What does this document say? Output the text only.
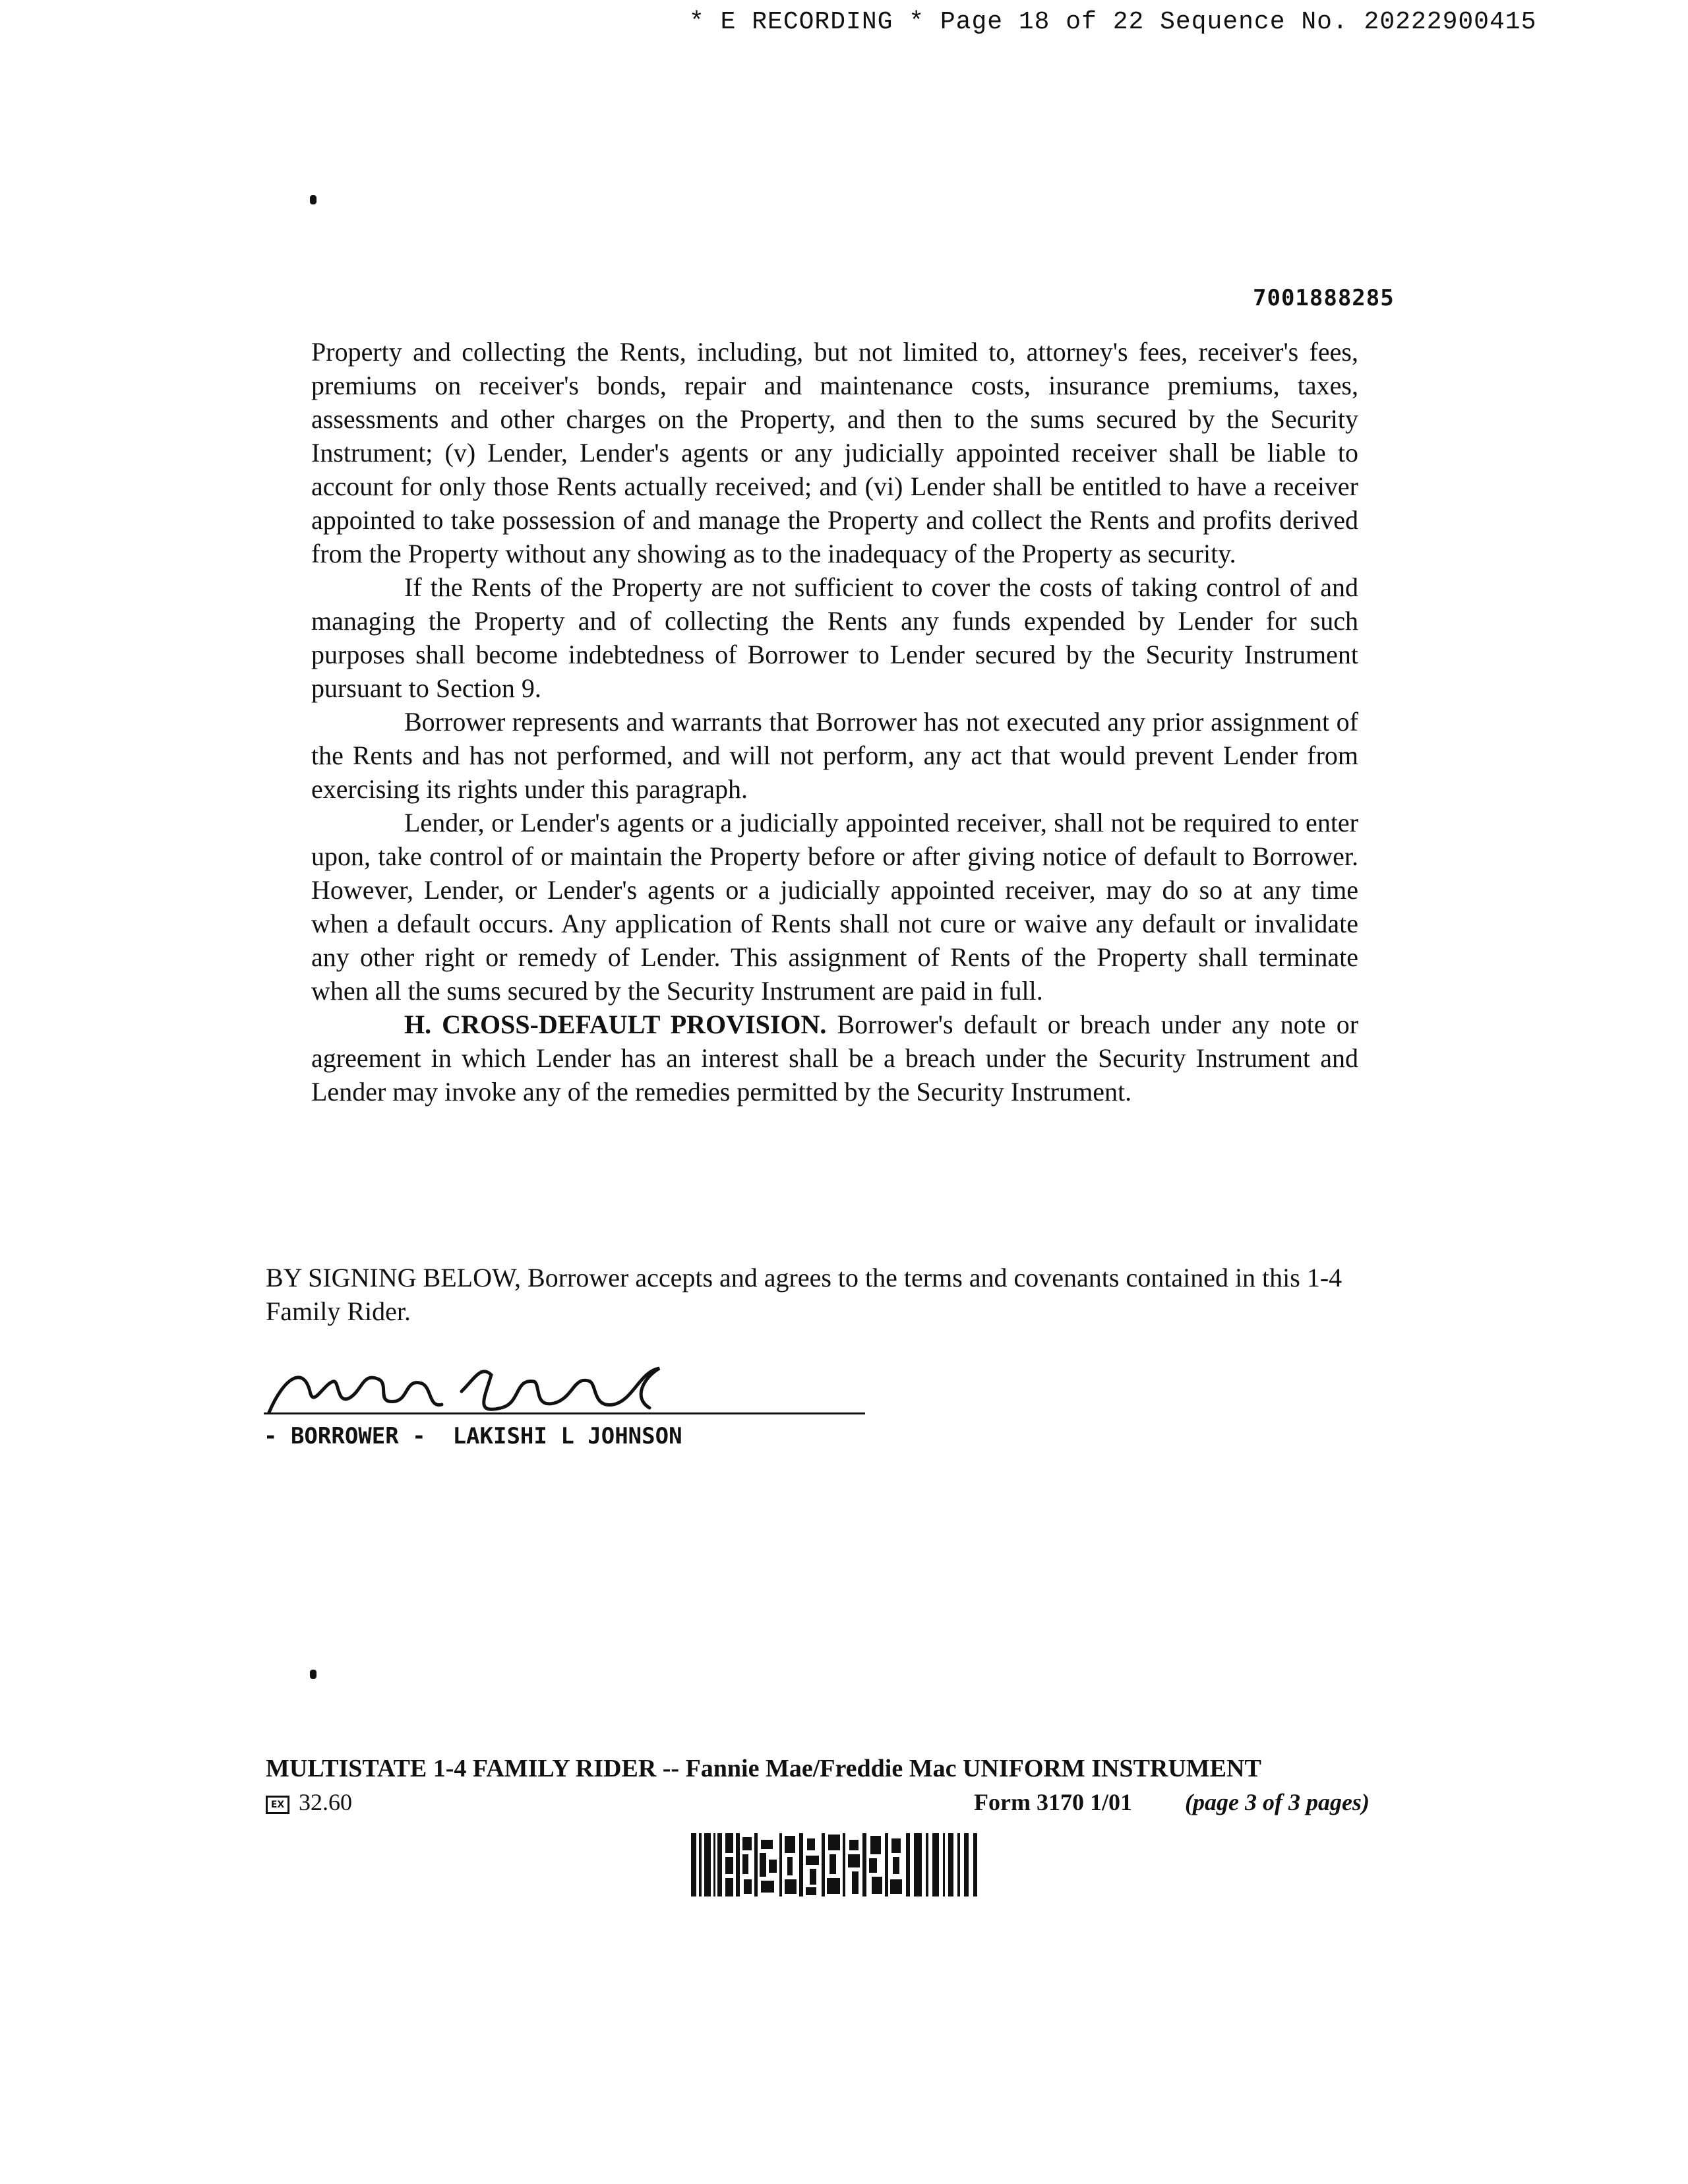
* E RECORDING * Page 18 of 22 Sequence No. 20222900415
7001888285

Property and collecting the Rents, including, but not limited to, attorney's fees, receiver's fees, premiums on receiver's bonds, repair and maintenance costs, insurance premiums, taxes, assessments and other charges on the Property, and then to the sums secured by the Security Instrument; (v) Lender, Lender's agents or any judicially appointed receiver shall be liable to account for only those Rents actually received; and (vi) Lender shall be entitled to have a receiver appointed to take possession of and manage the Property and collect the Rents and profits derived from the Property without any showing as to the inadequacy of the Property as security.

If the Rents of the Property are not sufficient to cover the costs of taking control of and managing the Property and of collecting the Rents any funds expended by Lender for such purposes shall become indebtedness of Borrower to Lender secured by the Security Instrument pursuant to Section 9.

Borrower represents and warrants that Borrower has not executed any prior assignment of the Rents and has not performed, and will not perform, any act that would prevent Lender from exercising its rights under this paragraph.

Lender, or Lender's agents or a judicially appointed receiver, shall not be required to enter upon, take control of or maintain the Property before or after giving notice of default to Borrower. However, Lender, or Lender's agents or a judicially appointed receiver, may do so at any time when a default occurs. Any application of Rents shall not cure or waive any default or invalidate any other right or remedy of Lender. This assignment of Rents of the Property shall terminate when all the sums secured by the Security Instrument are paid in full.

H. CROSS-DEFAULT PROVISION. Borrower's default or breach under any note or agreement in which Lender has an interest shall be a breach under the Security Instrument and Lender may invoke any of the remedies permitted by the Security Instrument.

BY SIGNING BELOW, Borrower accepts and agrees to the terms and covenants contained in this 1-4 Family Rider.
- BORROWER -  LAKISHI L JOHNSON
MULTISTATE 1-4 FAMILY RIDER -- Fannie Mae/Freddie Mac UNIFORM INSTRUMENT
EX 32.60	Form 3170 1/01 (page 3 of 3 pages)
